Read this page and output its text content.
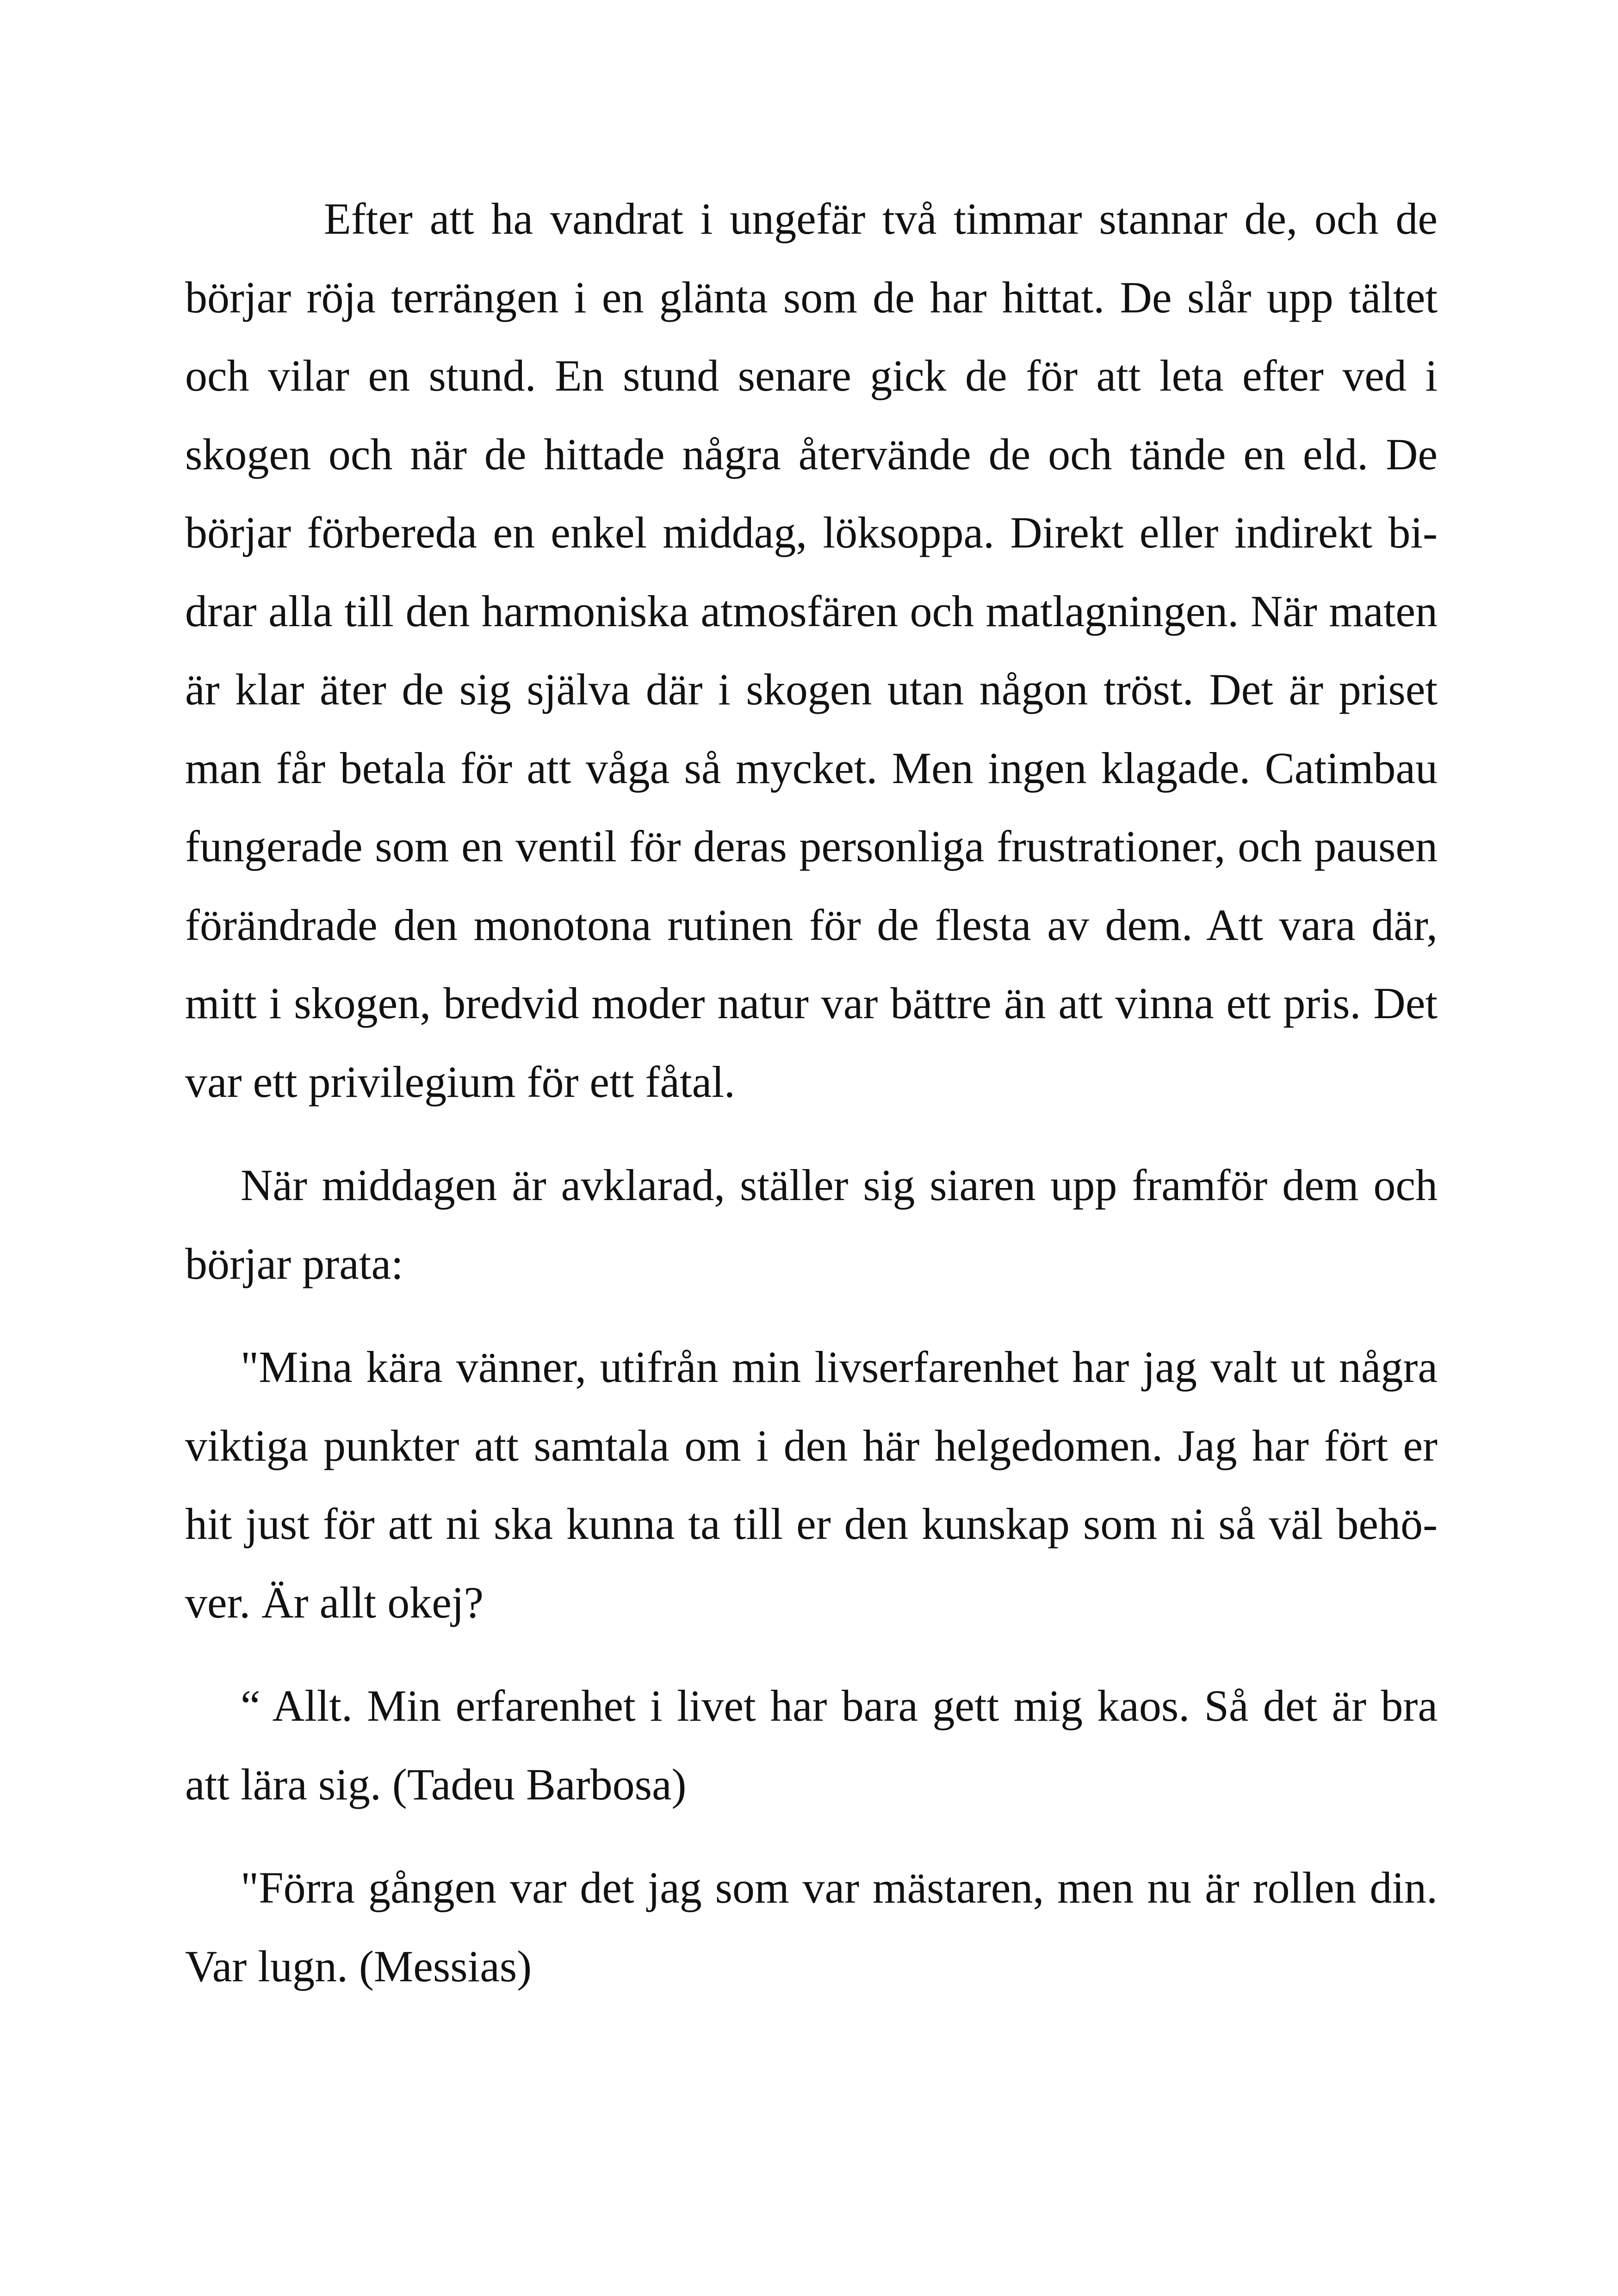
Efter att ha vandrat i ungefär två timmar stannar de, och de börjar röja terrängen i en glänta som de har hittat. De slår upp tältet och vilar en stund. En stund senare gick de för att leta efter ved i skogen och när de hittade några återvände de och tände en eld. De börjar förbereda en enkel middag, löksoppa. Direkt eller indirekt bidrar alla till den harmoniska atmosfären och matlagningen. När maten är klar äter de sig själva där i skogen utan någon tröst. Det är priset man får betala för att våga så mycket. Men ingen klagade. Catimbau fungerade som en ventil för deras personliga frustrationer, och pausen förändrade den monotona rutinen för de flesta av dem. Att vara där, mitt i skogen, bredvid moder natur var bättre än att vinna ett pris. Det var ett privilegium för ett fåtal.

När middagen är avklarad, ställer sig siaren upp framför dem och börjar prata:

"Mina kära vänner, utifrån min livserfarenhet har jag valt ut några viktiga punkter att samtala om i den här helgedomen. Jag har fört er hit just för att ni ska kunna ta till er den kunskap som ni så väl behöver. Är allt okej?

“ Allt. Min erfarenhet i livet har bara gett mig kaos. Så det är bra att lära sig. (Tadeu Barbosa)

"Förra gången var det jag som var mästaren, men nu är rollen din. Var lugn. (Messias)
